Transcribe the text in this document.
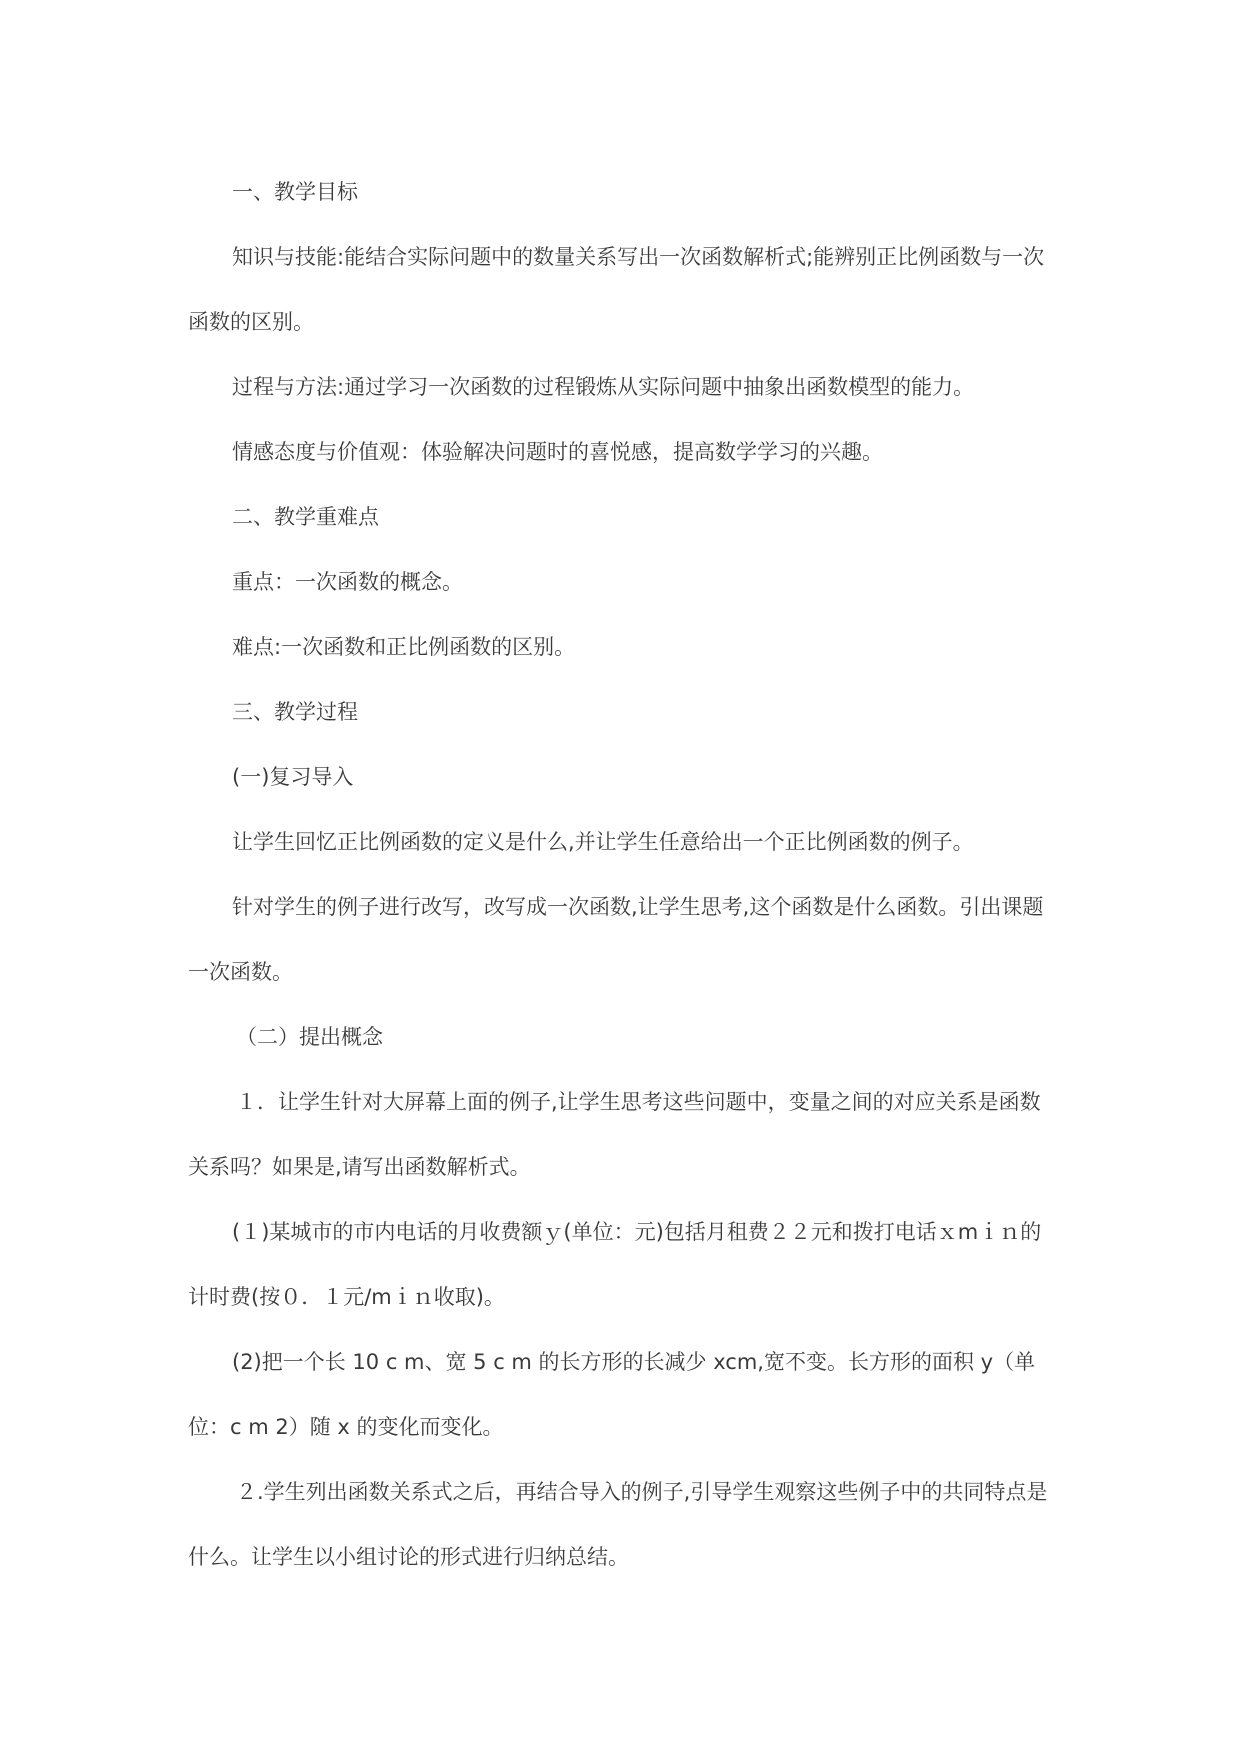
一、教学目标

知识与技能:能结合实际问题中的数量关系写出一次函数解析式;能辨别正比例函数与一次函数的区别。

过程与方法:通过学习一次函数的过程锻炼从实际问题中抽象出函数模型的能力。

情感态度与价值观：体验解决问题时的喜悦感，提高数学学习的兴趣。

二、教学重难点

重点：一次函数的概念。

难点:一次函数和正比例函数的区别。

三、教学过程

(一)复习导入

让学生回忆正比例函数的定义是什么,并让学生任意给出一个正比例函数的例子。

针对学生的例子进行改写，改写成一次函数,让学生思考,这个函数是什么函数。引出课题一次函数。

（二）提出概念

１．让学生针对大屏幕上面的例子,让学生思考这些问题中，变量之间的对应关系是函数关系吗？如果是,请写出函数解析式。

(１)某城市的市内电话的月收费额ｙ(单位：元)包括月租费２２元和拨打电话ｘmｉｎ的计时费(按０．１元/mｉｎ收取)。

(2)把一个长 10 c m、宽 5 c m 的长方形的长减少 xcm,宽不变。长方形的面积 y（单位：c m 2）随 x 的变化而变化。

２.学生列出函数关系式之后，再结合导入的例子,引导学生观察这些例子中的共同特点是什么。让学生以小组讨论的形式进行归纳总结。
